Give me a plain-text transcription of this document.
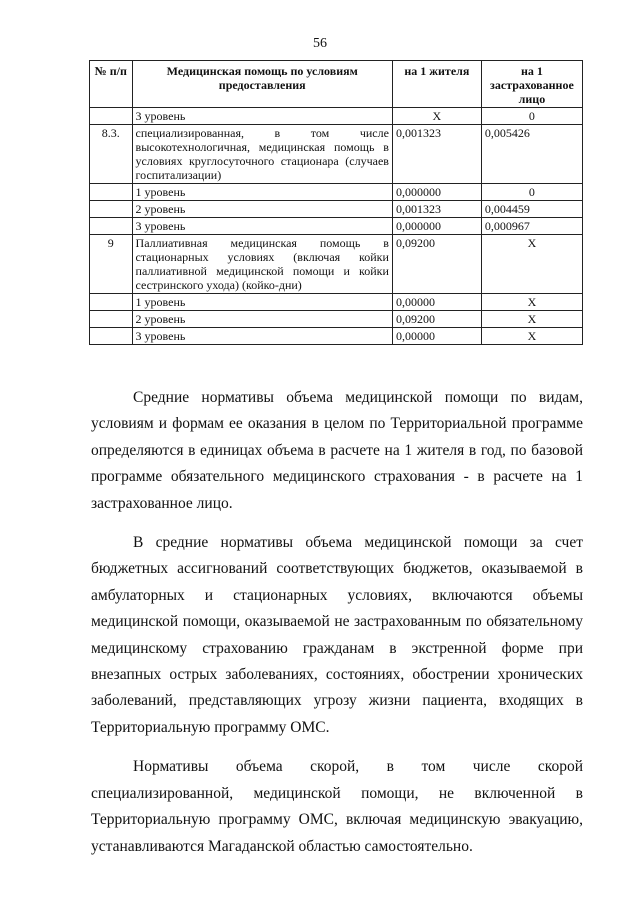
56
№ п/п	Медицинская помощь по условиям предоставления	на 1 жителя	на 1 застрахованное лицо
	3 уровень	Х	0
8.3.	специализированная, в том числе высокотехнологичная, медицинская помощь в условиях круглосуточного стационара (случаев госпитализации)	0,001323	0,005426
	1 уровень	0,000000	0
	2 уровень	0,001323	0,004459
	3 уровень	0,000000	0,000967
9	Паллиативная медицинская помощь в стационарных условиях (включая койки паллиативной медицинской помощи и койки сестринского ухода) (койко-дни)	0,09200	Х
	1 уровень	0,00000	Х
	2 уровень	0,09200	Х
	3 уровень	0,00000	Х

Средние нормативы объема медицинской помощи по видам, условиям и формам ее оказания в целом по Территориальной программе определяются в единицах объема в расчете на 1 жителя в год, по базовой программе обязательного медицинского страхования - в расчете на 1 застрахованное лицо.

В средние нормативы объема медицинской помощи за счет бюджетных ассигнований соответствующих бюджетов, оказываемой в амбулаторных и стационарных условиях, включаются объемы медицинской помощи, оказываемой не застрахованным по обязательному медицинскому страхованию гражданам в экстренной форме при внезапных острых заболеваниях, состояниях, обострении хронических заболеваний, представляющих угрозу жизни пациента, входящих в Территориальную программу ОМС.

Нормативы объема скорой, в том числе скорой специализированной, медицинской помощи, не включенной в Территориальную программу ОМС, включая медицинскую эвакуацию, устанавливаются Магаданской областью самостоятельно.
